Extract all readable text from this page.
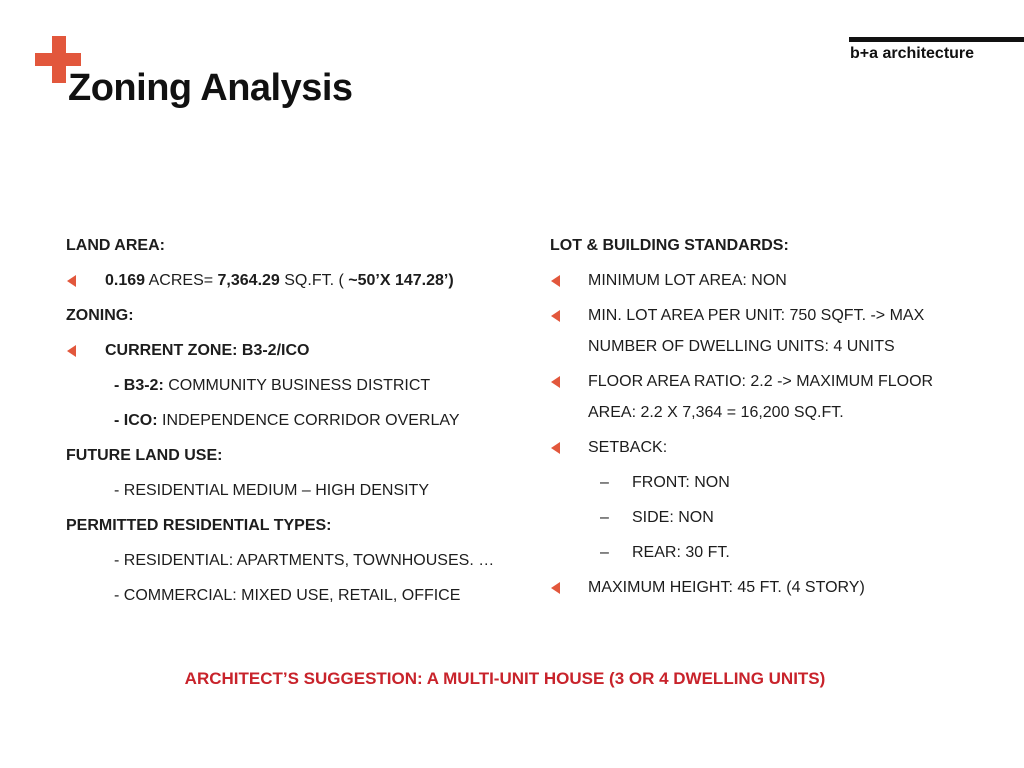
Zoning Analysis
b+a architecture
LAND AREA:
0.169 ACRES= 7,364.29 SQ.FT. ( ~50’X 147.28’)
ZONING:
CURRENT ZONE: B3-2/ICO
- B3-2: COMMUNITY BUSINESS DISTRICT
- ICO: INDEPENDENCE CORRIDOR OVERLAY
FUTURE LAND USE:
- RESIDENTIAL MEDIUM – HIGH DENSITY
PERMITTED RESIDENTIAL TYPES:
- RESIDENTIAL: APARTMENTS, TOWNHOUSES. …
- COMMERCIAL: MIXED USE, RETAIL, OFFICE
LOT & BUILDING STANDARDS:
MINIMUM LOT AREA: NON
MIN. LOT AREA PER UNIT: 750 SQFT. -> MAX NUMBER OF DWELLING UNITS: 4 UNITS
FLOOR AREA RATIO: 2.2 -> MAXIMUM FLOOR AREA: 2.2 X 7,364 = 16,200 SQ.FT.
SETBACK:
–	FRONT: NON
–	SIDE: NON
–	REAR: 30 FT.
MAXIMUM HEIGHT: 45 FT. (4 STORY)
ARCHITECT’S SUGGESTION: A MULTI-UNIT HOUSE (3 OR 4 DWELLING UNITS)
